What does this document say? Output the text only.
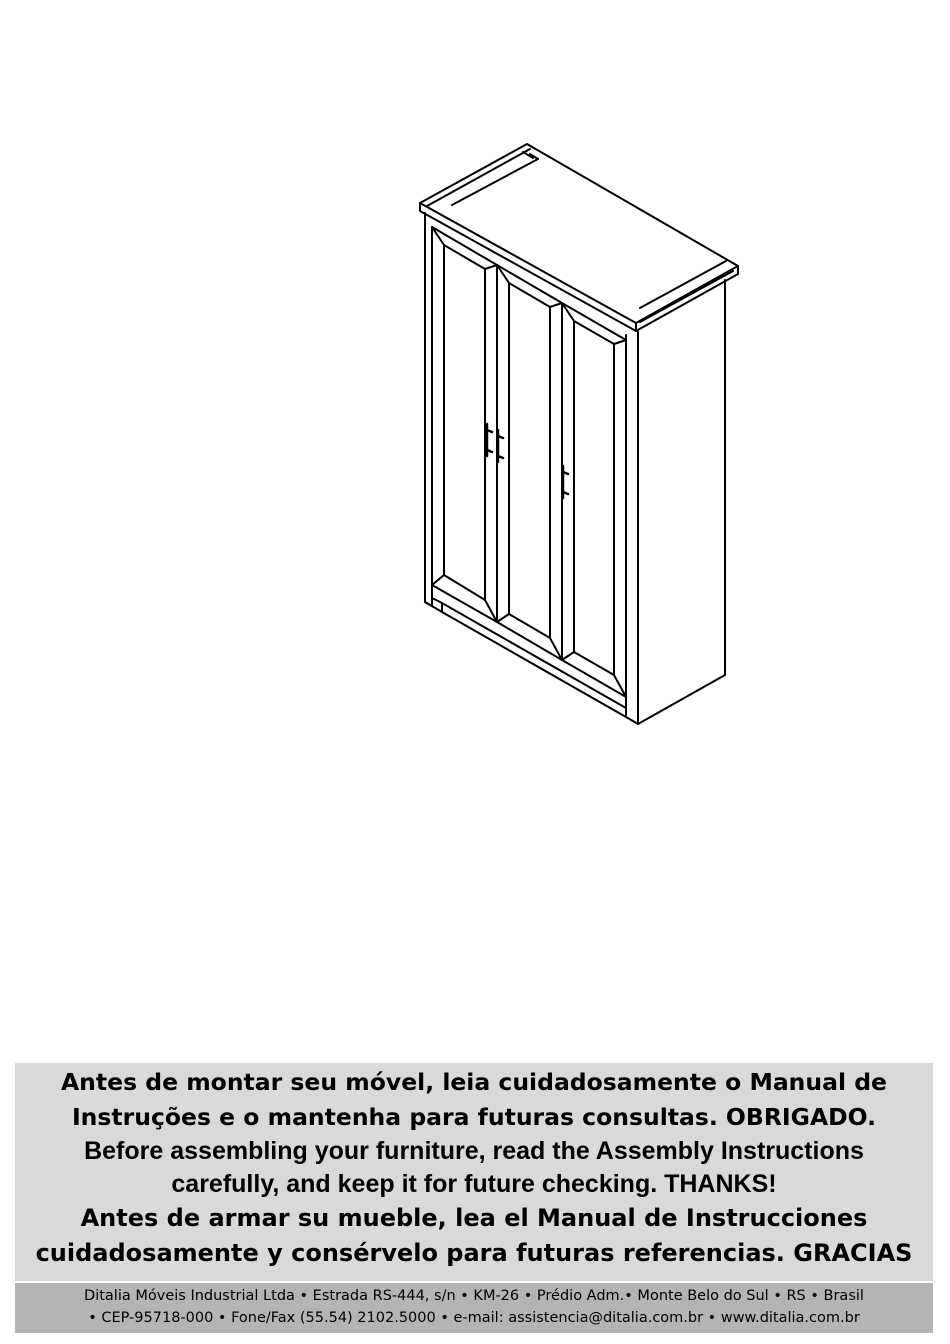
Antes de montar seu móvel, leia cuidadosamente o Manual de
Instruções e o mantenha para futuras consultas. OBRIGADO.
Before assembling your furniture, read the Assembly Instructions
carefully, and keep it for future checking. THANKS!
Antes de armar su mueble, lea el Manual de Instrucciones
cuidadosamente y consérvelo para futuras referencias. GRACIAS
Ditalia Móveis Industrial Ltda • Estrada RS-444, s/n • KM-26 • Prédio Adm.• Monte Belo do Sul • RS • Brasil
• CEP-95718-000 • Fone/Fax (55.54) 2102.5000 • e-mail: assistencia@ditalia.com.br • www.ditalia.com.br
